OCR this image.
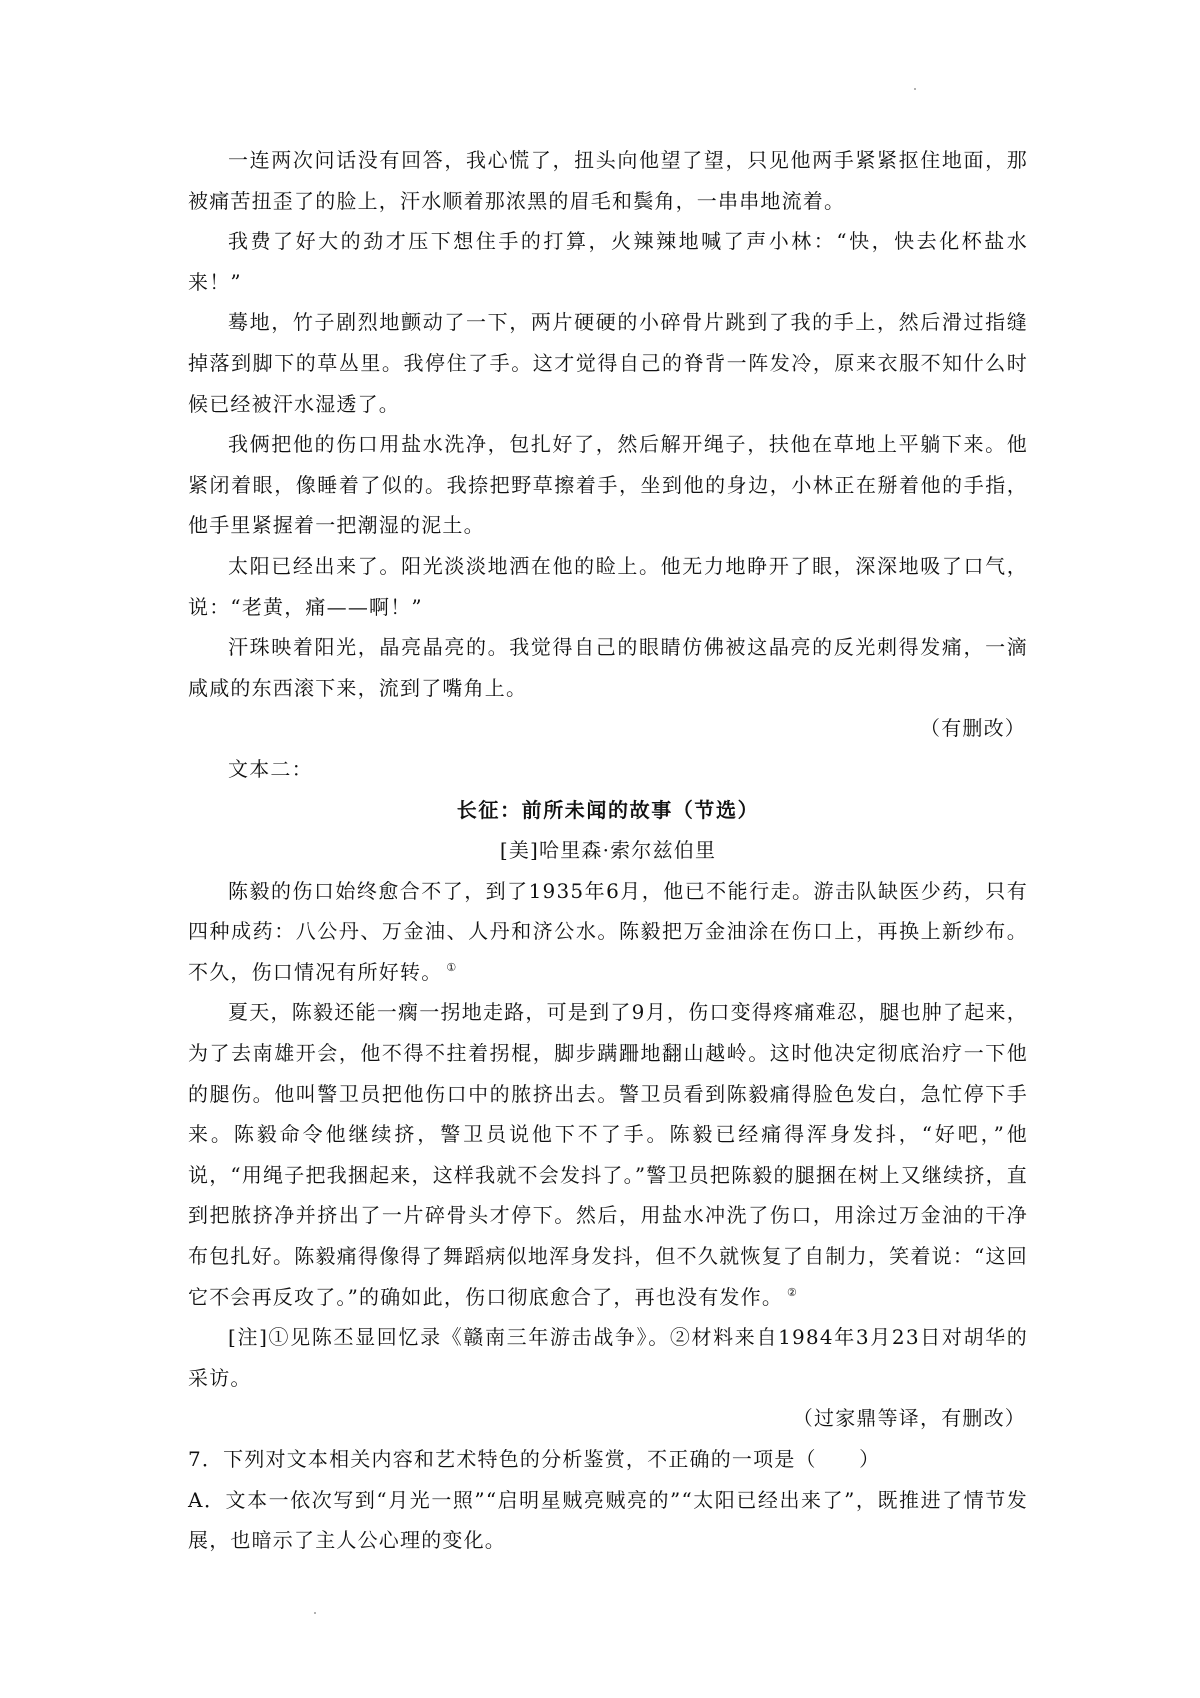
一连两次问话没有回答，我心慌了，扭头向他望了望，只见他两手紧紧抠住地面，那被痛苦扭歪了的脸上，汗水顺着那浓黑的眉毛和鬓角，一串串地流着。

我费了好大的劲才压下想住手的打算，火辣辣地喊了声小林：“快，快去化杯盐水来！”

蓦地，竹子剧烈地颤动了一下，两片硬硬的小碎骨片跳到了我的手上，然后滑过指缝掉落到脚下的草丛里。我停住了手。这才觉得自己的脊背一阵发冷，原来衣服不知什么时候已经被汗水湿透了。

我俩把他的伤口用盐水洗净，包扎好了，然后解开绳子，扶他在草地上平躺下来。他紧闭着眼，像睡着了似的。我捺把野草擦着手，坐到他的身边，小林正在掰着他的手指，他手里紧握着一把潮湿的泥土。

太阳已经出来了。阳光淡淡地洒在他的睑上。他无力地睁开了眼，深深地吸了口气，说：“老黄，痛——啊！”

汗珠映着阳光，晶亮晶亮的。我觉得自己的眼睛仿佛被这晶亮的反光刺得发痛，一滴咸咸的东西滚下来，流到了嘴角上。

（有删改）

文本二：

长征：前所未闻的故事（节选）

[美]哈里森·索尔兹伯里

陈毅的伤口始终愈合不了，到了1935年6月，他已不能行走。游击队缺医少药，只有四种成药：八公丹、万金油、人丹和济公水。陈毅把万金油涂在伤口上，再换上新纱布。不久，伤口情况有所好转。 ①

夏天，陈毅还能一瘸一拐地走路，可是到了9月，伤口变得疼痛难忍，腿也肿了起来，为了去南雄开会，他不得不拄着拐棍，脚步蹒跚地翻山越岭。这时他决定彻底治疗一下他的腿伤。他叫警卫员把他伤口中的脓挤出去。警卫员看到陈毅痛得脸色发白，急忙停下手来。陈毅命令他继续挤，警卫员说他下不了手。陈毅已经痛得浑身发抖，“好吧，”他说，“用绳子把我捆起来，这样我就不会发抖了。”警卫员把陈毅的腿捆在树上又继续挤，直到把脓挤净并挤出了一片碎骨头才停下。然后，用盐水冲洗了伤口，用涂过万金油的干净布包扎好。陈毅痛得像得了舞蹈病似地浑身发抖，但不久就恢复了自制力，笑着说：“这回它不会再反攻了。”的确如此，伤口彻底愈合了，再也没有发作。 ②

[注]①见陈丕显回忆录《赣南三年游击战争》。②材料来自1984年3月23日对胡华的采访。

（过家鼎等译，有删改）

7．下列对文本相关内容和艺术特色的分析鉴赏，不正确的一项是（　　）

A．文本一依次写到“月光一照”“启明星贼亮贼亮的”“太阳已经出来了”，既推进了情节发展，也暗示了主人公心理的变化。
